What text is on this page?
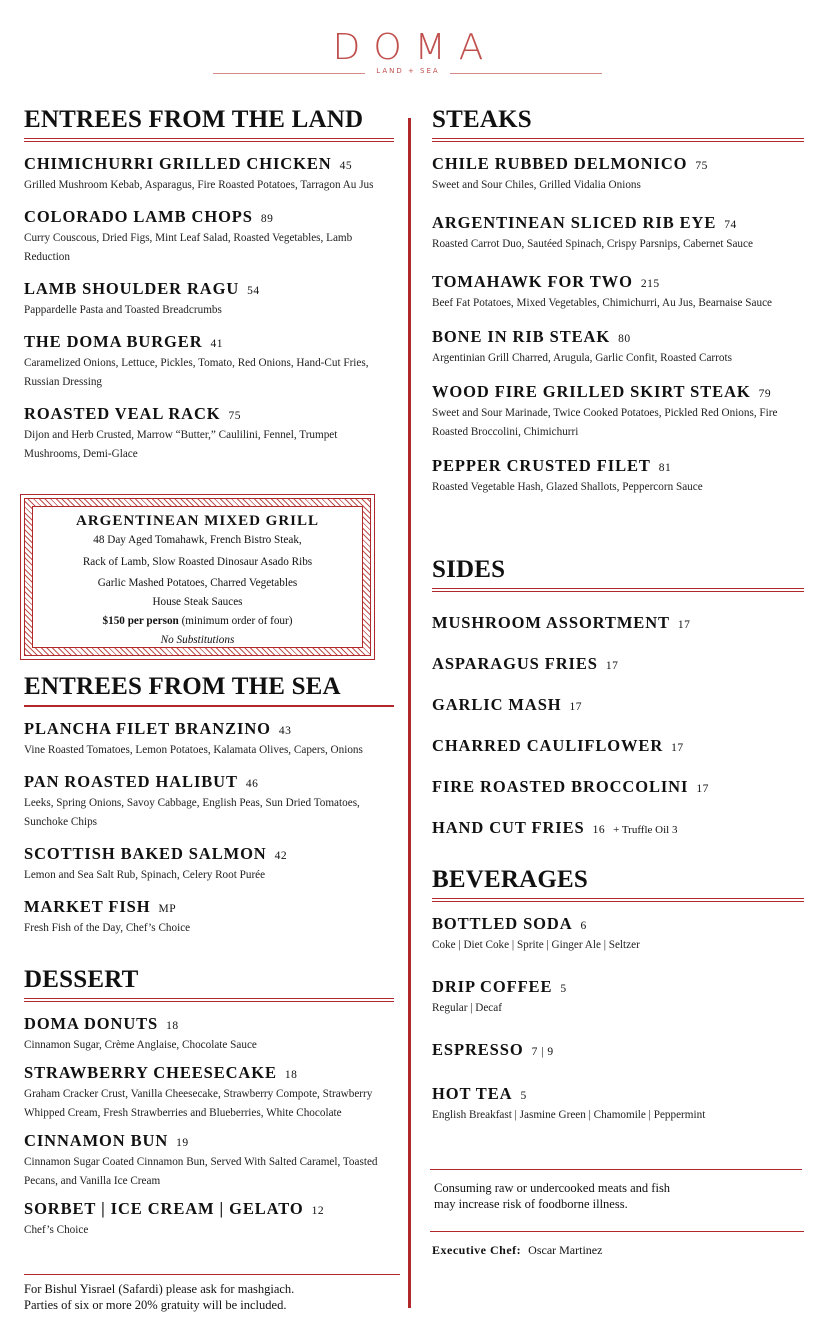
DOMA
LAND + SEA
ENTREES FROM THE LAND
CHIMICHURRI GRILLED CHICKEN 45
Grilled Mushroom Kebab, Asparagus, Fire Roasted Potatoes, Tarragon Au Jus
COLORADO LAMB CHOPS 89
Curry Couscous, Dried Figs, Mint Leaf Salad, Roasted Vegetables, Lamb Reduction
LAMB SHOULDER RAGU 54
Pappardelle Pasta and Toasted Breadcrumbs
THE DOMA BURGER 41
Caramelized Onions, Lettuce, Pickles, Tomato, Red Onions, Hand-Cut Fries, Russian Dressing
ROASTED VEAL RACK 75
Dijon and Herb Crusted, Marrow “Butter,” Caulilini, Fennel, Trumpet Mushrooms, Demi-Glace
ARGENTINEAN MIXED GRILL
48 Day Aged Tomahawk, French Bistro Steak,
Rack of Lamb, Slow Roasted Dinosaur Asado Ribs
Garlic Mashed Potatoes, Charred Vegetables
House Steak Sauces
$150 per person (minimum order of four)
No Substitutions
ENTREES FROM THE SEA
PLANCHA FILET BRANZINO 43
Vine Roasted Tomatoes, Lemon Potatoes, Kalamata Olives, Capers, Onions
PAN ROASTED HALIBUT 46
Leeks, Spring Onions, Savoy Cabbage, English Peas, Sun Dried Tomatoes, Sunchoke Chips
SCOTTISH BAKED SALMON 42
Lemon and Sea Salt Rub, Spinach, Celery Root Purée
MARKET FISH MP
Fresh Fish of the Day, Chef’s Choice
DESSERT
DOMA DONUTS 18
Cinnamon Sugar, Crème Anglaise, Chocolate Sauce
STRAWBERRY CHEESECAKE 18
Graham Cracker Crust, Vanilla Cheesecake, Strawberry Compote, Strawberry Whipped Cream, Fresh Strawberries and Blueberries, White Chocolate
CINNAMON BUN 19
Cinnamon Sugar Coated Cinnamon Bun, Served With Salted Caramel, Toasted Pecans, and Vanilla Ice Cream
SORBET | ICE CREAM | GELATO 12
Chef’s Choice
For Bishul Yisrael (Safardi) please ask for mashgiach.
Parties of six or more 20% gratuity will be included.
STEAKS
CHILE RUBBED DELMONICO 75
Sweet and Sour Chiles, Grilled Vidalia Onions
ARGENTINEAN SLICED RIB EYE 74
Roasted Carrot Duo, Sautéed Spinach, Crispy Parsnips, Cabernet Sauce
TOMAHAWK FOR TWO 215
Beef Fat Potatoes, Mixed Vegetables, Chimichurri, Au Jus, Bearnaise Sauce
BONE IN RIB STEAK 80
Argentinian Grill Charred, Arugula, Garlic Confit, Roasted Carrots
WOOD FIRE GRILLED SKIRT STEAK 79
Sweet and Sour Marinade, Twice Cooked Potatoes, Pickled Red Onions, Fire Roasted Broccolini, Chimichurri
PEPPER CRUSTED FILET 81
Roasted Vegetable Hash, Glazed Shallots, Peppercorn Sauce
SIDES
MUSHROOM ASSORTMENT 17
ASPARAGUS FRIES 17
GARLIC MASH 17
CHARRED CAULIFLOWER 17
FIRE ROASTED BROCCOLINI 17
HAND CUT FRIES 16 + Truffle Oil 3
BEVERAGES
BOTTLED SODA 6
Coke | Diet Coke | Sprite | Ginger Ale | Seltzer
DRIP COFFEE 5
Regular | Decaf
ESPRESSO 7 | 9
HOT TEA 5
English Breakfast | Jasmine Green | Chamomile | Peppermint
Consuming raw or undercooked meats and fish
may increase risk of foodborne illness.
Executive Chef: Oscar Martinez
